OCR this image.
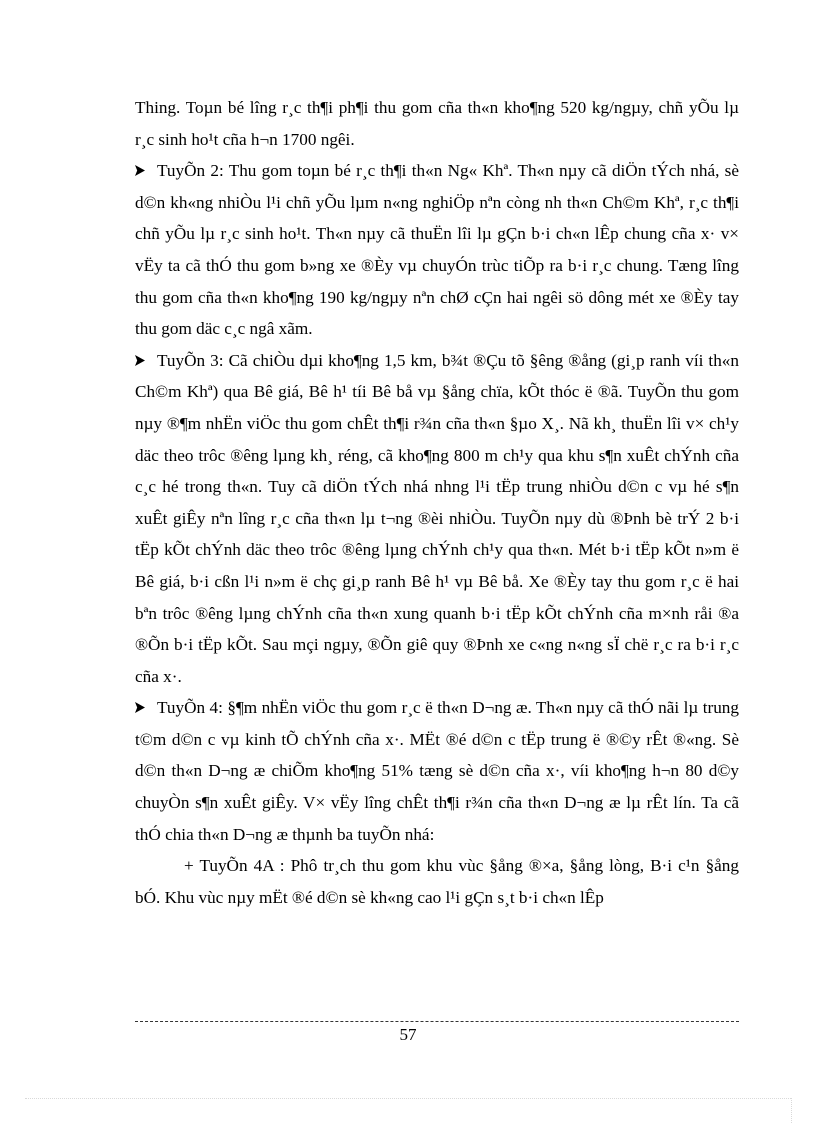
Thing. Toµn bé lîng r¸c th¶i ph¶i thu gom cña th«n kho¶ng 520 kg/ngµy, chñ yÕu lµ r¸c sinh ho¹t cña h¬n 1700 ngêi.

TuyÕn 2: Thu gom toµn bé r¸c th¶i th«n Ng« Khª. Th«n nµy cã diÖn tÝch nhá, sè d©n kh«ng nhiÒu l¹i chñ yÕu lµm n«ng nghiÖp nªn còng nh th«n Ch©m Khª, r¸c th¶i chñ yÕu lµ r¸c sinh ho¹t. Th«n nµy cã thuËn lîi lµ gÇn b·i ch«n lÊp chung cña x· v× vËy ta cã thÓ thu gom b»ng xe ®Èy vµ chuyÓn trùc tiÕp ra b·i r¸c chung. Tæng lîng thu gom cña th«n kho¶ng 190 kg/ngµy nªn chØ cÇn hai ngêi sö dông mét xe ®Èy tay thu gom däc c¸c ngâ xãm.

TuyÕn 3: Cã chiÒu dµi kho¶ng 1,5 km, b¾t ®Çu tõ §êng ®ång (gi¸p ranh víi th«n Ch©m Khª) qua Bê giá, Bê h¹ tíi Bê bå vµ §ång chïa, kÕt thóc ë ®ã. TuyÕn thu gom nµy ®¶m nhËn viÖc thu gom chÊt th¶i r¾n cña th«n §µo X¸. Nã kh¸ thuËn lîi v× ch¹y däc theo trôc ®êng lµng kh¸ réng, cã kho¶ng 800 m ch¹y qua khu s¶n xuÊt chÝnh cña c¸c hé trong th«n. Tuy cã diÖn tÝch nhá nhng l¹i tËp trung nhiÒu d©n c vµ hé s¶n xuÊt giÊy nªn lîng r¸c cña th«n lµ t¬ng ®èi nhiÒu. TuyÕn nµy dù ®Þnh bè trÝ 2 b·i tËp kÕt chÝnh däc theo trôc ®êng lµng chÝnh ch¹y qua th«n. Mét b·i tËp kÕt n»m ë Bê giá, b·i cßn l¹i n»m ë chç gi¸p ranh Bê h¹ vµ Bê bå. Xe ®Èy tay thu gom r¸c ë hai bªn trôc ®êng lµng chÝnh cña th«n xung quanh b·i tËp kÕt chÝnh cña m×nh råi ®a ®Õn b·i tËp kÕt. Sau mçi ngµy, ®Õn giê quy ®Þnh xe c«ng n«ng sÏ chë r¸c ra b·i r¸c cña x·.

TuyÕn 4: §¶m nhËn viÖc thu gom r¸c ë th«n D¬ng æ. Th«n nµy cã thÓ nãi lµ trung t©m d©n c vµ kinh tÕ chÝnh cña x·. MËt ®é d©n c tËp trung ë ®©y rÊt ®«ng. Sè d©n th«n D¬ng æ chiÕm kho¶ng 51% tæng sè d©n cña x·, víi kho¶ng h¬n 80 d©y chuyÒn s¶n xuÊt giÊy. V× vËy lîng chÊt th¶i r¾n cña th«n D¬ng æ lµ rÊt lín. Ta cã thÓ chia th«n D¬ng æ thµnh ba tuyÕn nhá:

+ TuyÕn 4A : Phô tr¸ch thu gom khu vùc §ång ®×a, §ång lòng, B·i c¹n §ång bÓ. Khu vùc nµy mËt ®é d©n sè kh«ng cao l¹i gÇn s¸t b·i ch«n lÊp

57
